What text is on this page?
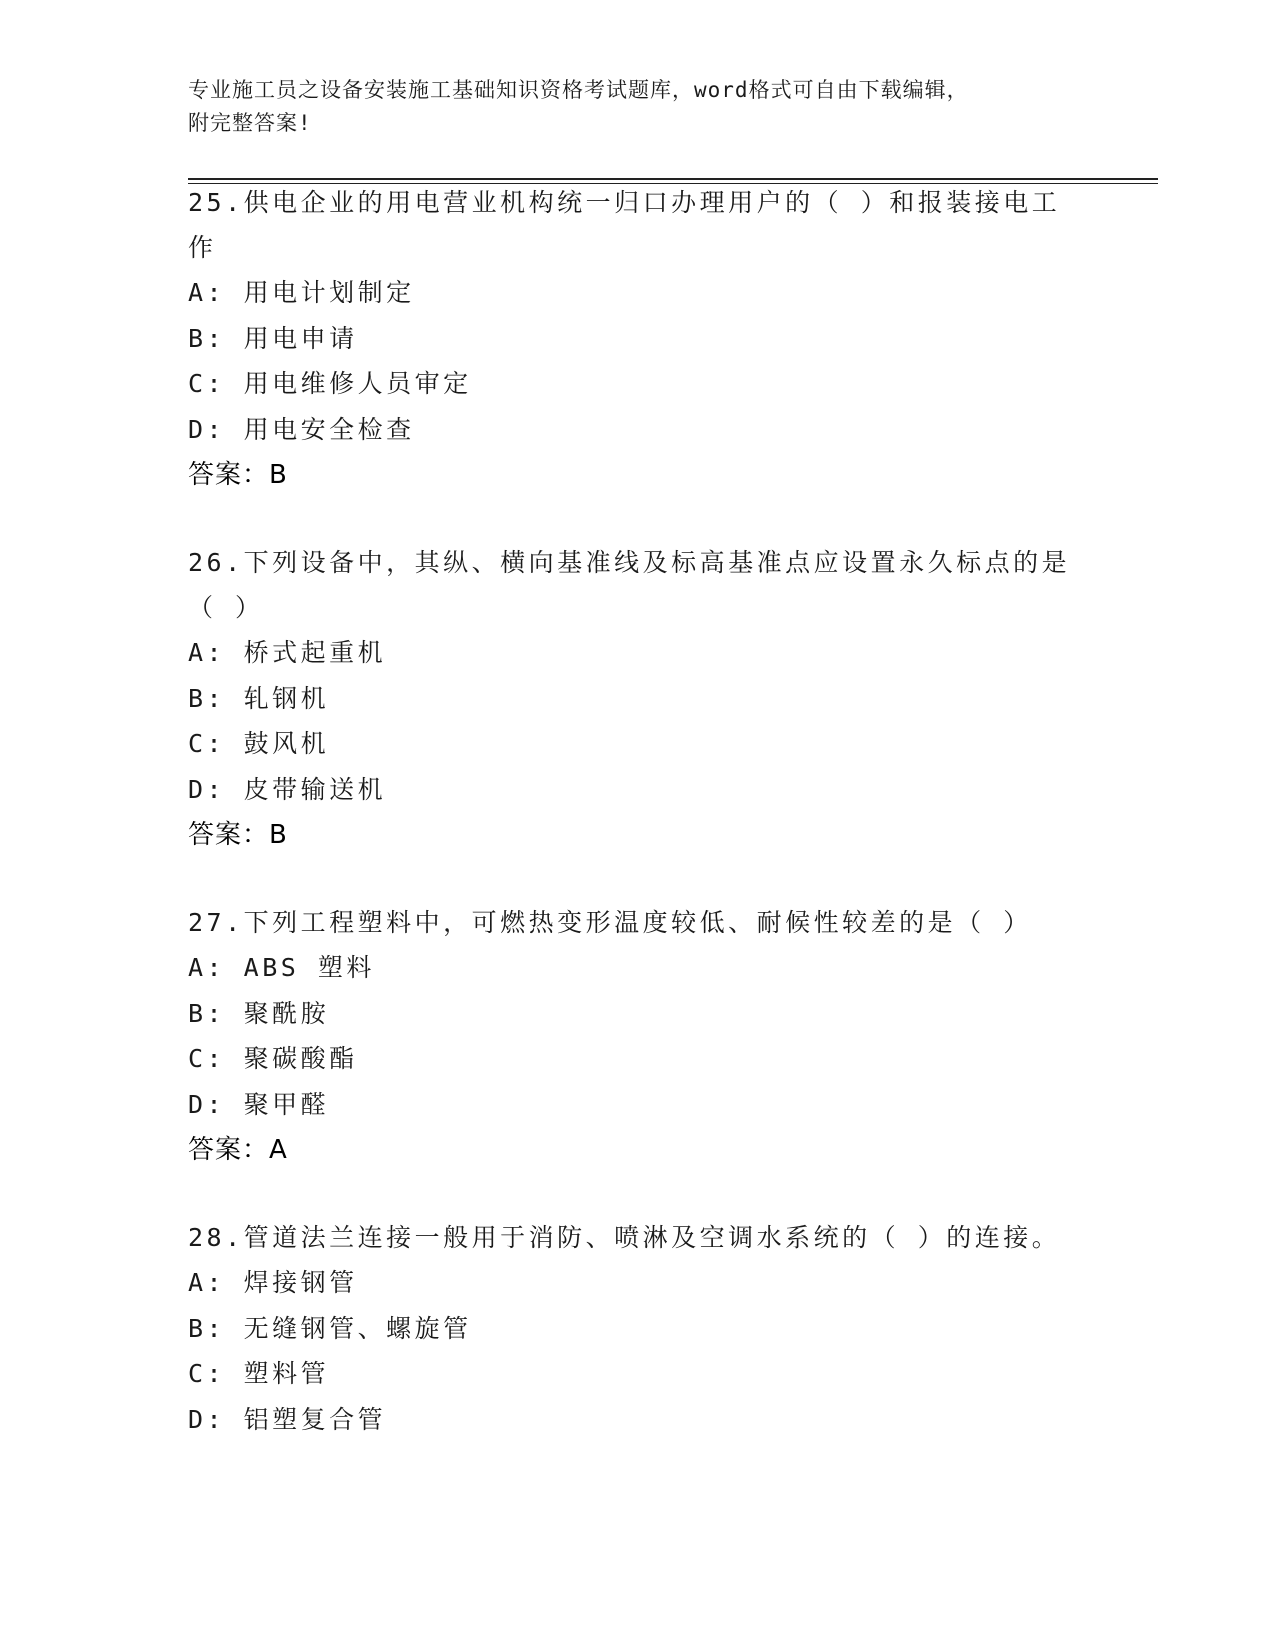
专业施工员之设备安装施工基础知识资格考试题库，word格式可自由下载编辑，
附完整答案!
25.供电企业的用电营业机构统一归口办理用户的（ ）和报装接电工作
A: 用电计划制定
B: 用电申请
C: 用电维修人员审定
D: 用电安全检查
答案：B
26.下列设备中，其纵、横向基准线及标高基准点应设置永久标点的是（ ）
A: 桥式起重机
B: 轧钢机
C: 鼓风机
D: 皮带输送机
答案：B
27.下列工程塑料中，可燃热变形温度较低、耐候性较差的是（ ）
A: ABS 塑料
B: 聚酰胺
C: 聚碳酸酯
D: 聚甲醛
答案：A
28.管道法兰连接一般用于消防、喷淋及空调水系统的（ ）的连接。
A: 焊接钢管
B: 无缝钢管、螺旋管
C: 塑料管
D: 铝塑复合管
